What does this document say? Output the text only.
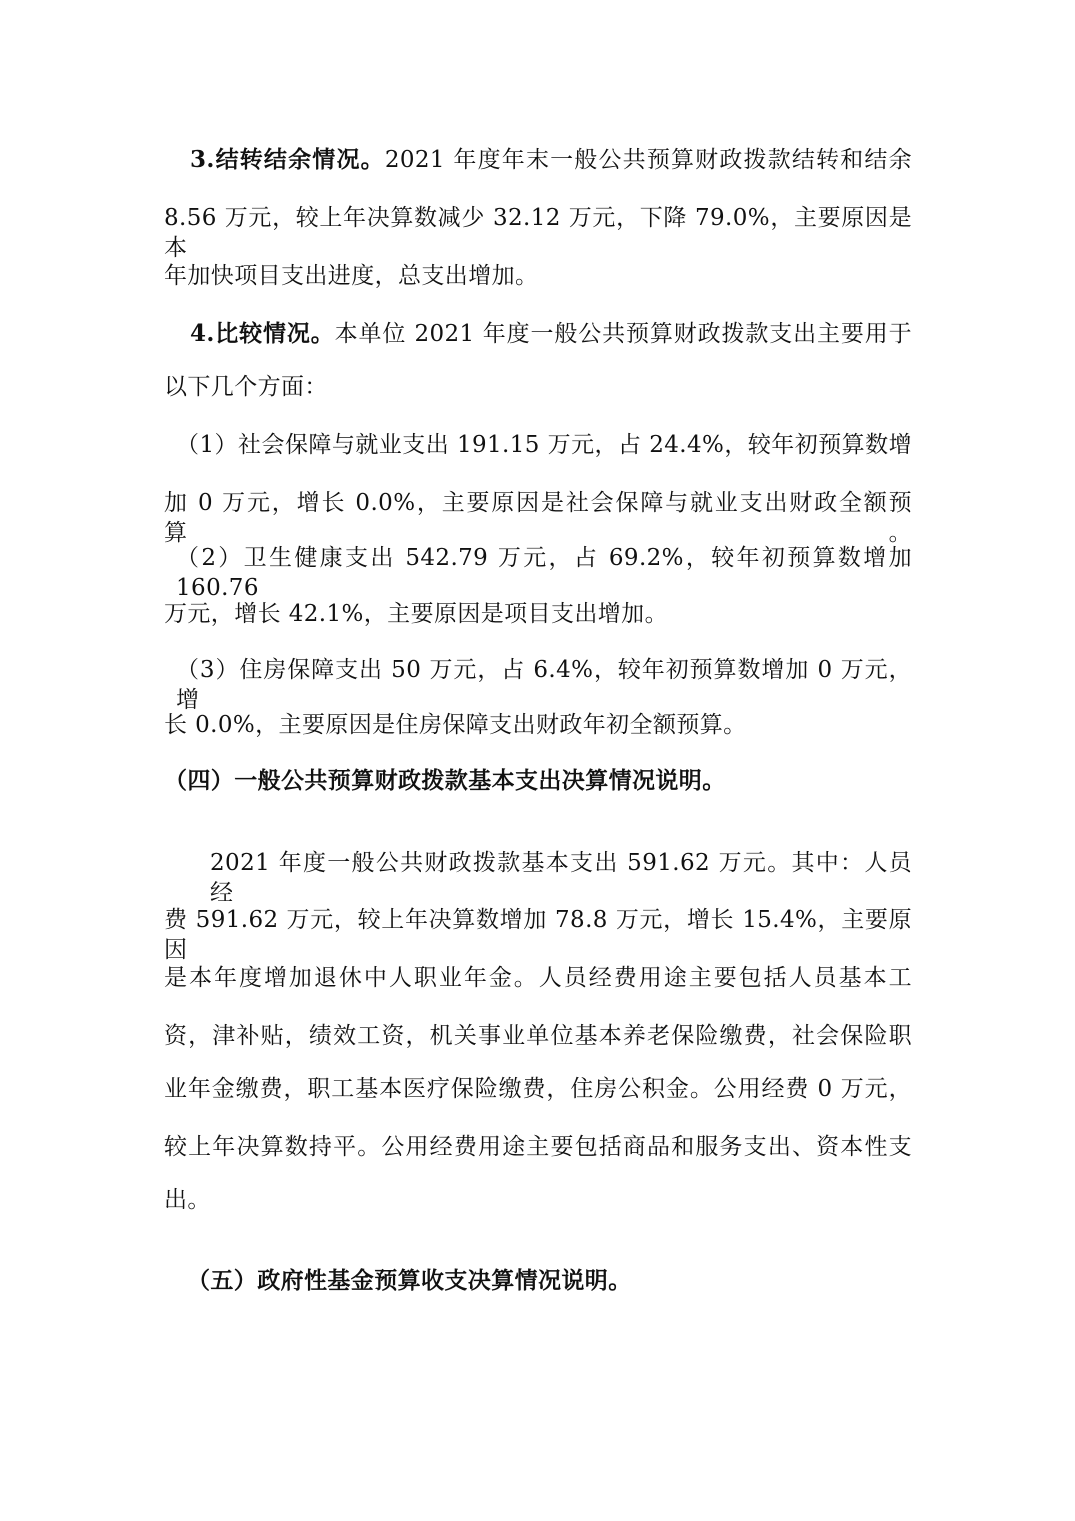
3.结转结余情况。2021 年度年末一般公共预算财政拨款结转和结余
8.56 万元，较上年决算数减少 32.12 万元，下降 79.0%，主要原因是本
年加快项目支出进度，总支出增加。
4.比较情况。本单位 2021 年度一般公共预算财政拨款支出主要用于
以下几个方面：
（1）社会保障与就业支出 191.15 万元，占 24.4%，较年初预算数增
加 0 万元，增长 0.0%，主要原因是社会保障与就业支出财政全额预算。
（2）卫生健康支出 542.79 万元，占 69.2%，较年初预算数增加 160.76
万元，增长 42.1%，主要原因是项目支出增加。
（3）住房保障支出 50 万元，占 6.4%，较年初预算数增加 0 万元，增
长 0.0%，主要原因是住房保障支出财政年初全额预算。
（四）一般公共预算财政拨款基本支出决算情况说明。
2021 年度一般公共财政拨款基本支出 591.62 万元。其中：人员经
费 591.62 万元，较上年决算数增加 78.8 万元，增长 15.4%，主要原因
是本年度增加退休中人职业年金。人员经费用途主要包括人员基本工
资，津补贴，绩效工资，机关事业单位基本养老保险缴费，社会保险职
业年金缴费，职工基本医疗保险缴费，住房公积金。公用经费 0 万元，
较上年决算数持平。公用经费用途主要包括商品和服务支出、资本性支
出。
（五）政府性基金预算收支决算情况说明。
